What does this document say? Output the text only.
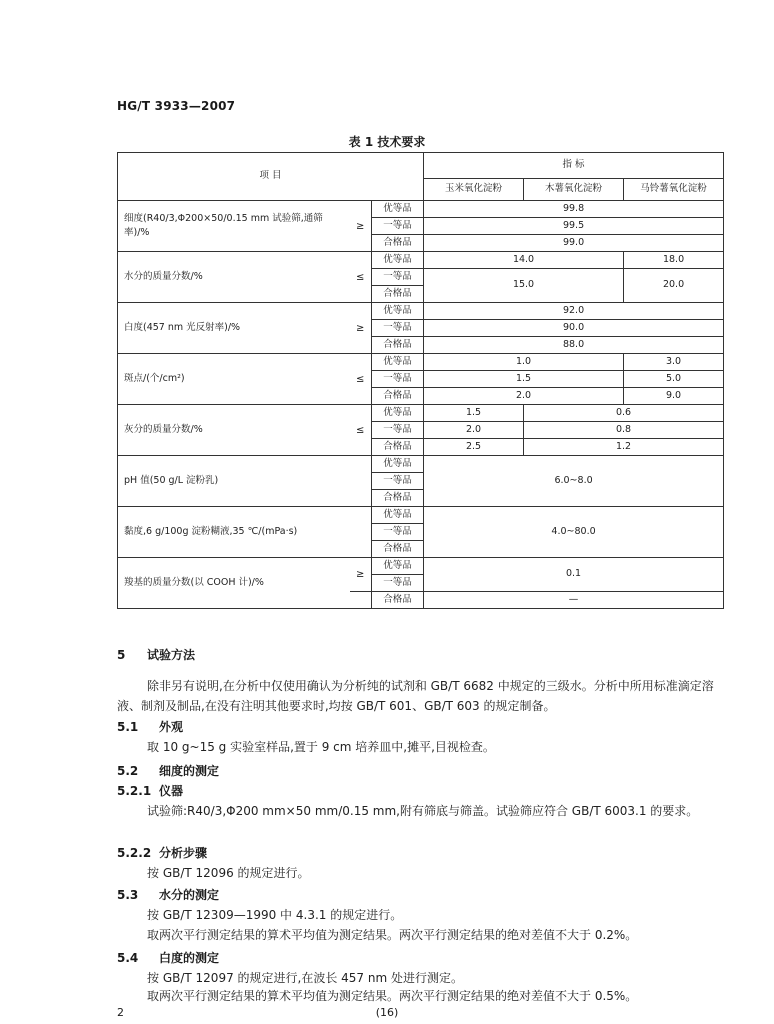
HG/T 3933—2007
表 1 技术要求
项 目			指 标		
			玉米氧化淀粉	木薯氧化淀粉	马铃薯氧化淀粉
细度(R40/3,Φ200×50/0.15 mm 试验筛,通筛率)/%	≥	优等品	99.8		
		一等品	99.5		
		合格品	99.0		
水分的质量分数/%	≤	优等品	14.0		18.0
		一等品	15.0		20.0
		合格品			
白度(457 nm 光反射率)/%	≥	优等品	92.0		
		一等品	90.0		
		合格品	88.0		
斑点/(个/cm²)	≤	优等品	1.0		3.0
		一等品	1.5		5.0
		合格品	2.0		9.0
灰分的质量分数/%	≤	优等品	1.5	0.6	
		一等品	2.0	0.8	
		合格品	2.5	1.2	
pH 值(50 g/L 淀粉乳)		优等品	6.0~8.0		
		一等品			
		合格品			
黏度,6 g/100g 淀粉糊液,35 ℃/(mPa·s)		优等品	4.0~80.0		
		一等品			
		合格品			
羧基的质量分数(以 COOH 计)/%	≥	优等品	0.1		
		一等品			
		合格品	—		
5 试验方法
除非另有说明,在分析中仅使用确认为分析纯的试剂和 GB/T 6682 中规定的三级水。分析中所用标准滴定溶液、制剂及制品,在没有注明其他要求时,均按 GB/T 601、GB/T 603 的规定制备。
5.1 外观
取 10 g~15 g 实验室样品,置于 9 cm 培养皿中,摊平,目视检查。
5.2 细度的测定
5.2.1 仪器
试验筛:R40/3,Φ200 mm×50 mm/0.15 mm,附有筛底与筛盖。试验筛应符合 GB/T 6003.1 的要求。
5.2.2 分析步骤
按 GB/T 12096 的规定进行。
5.3 水分的测定
按 GB/T 12309—1990 中 4.3.1 的规定进行。
取两次平行测定结果的算术平均值为测定结果。两次平行测定结果的绝对差值不大于 0.2%。
5.4 白度的测定
按 GB/T 12097 的规定进行,在波长 457 nm 处进行测定。
取两次平行测定结果的算术平均值为测定结果。两次平行测定结果的绝对差值不大于 0.5%。
2	(16)
